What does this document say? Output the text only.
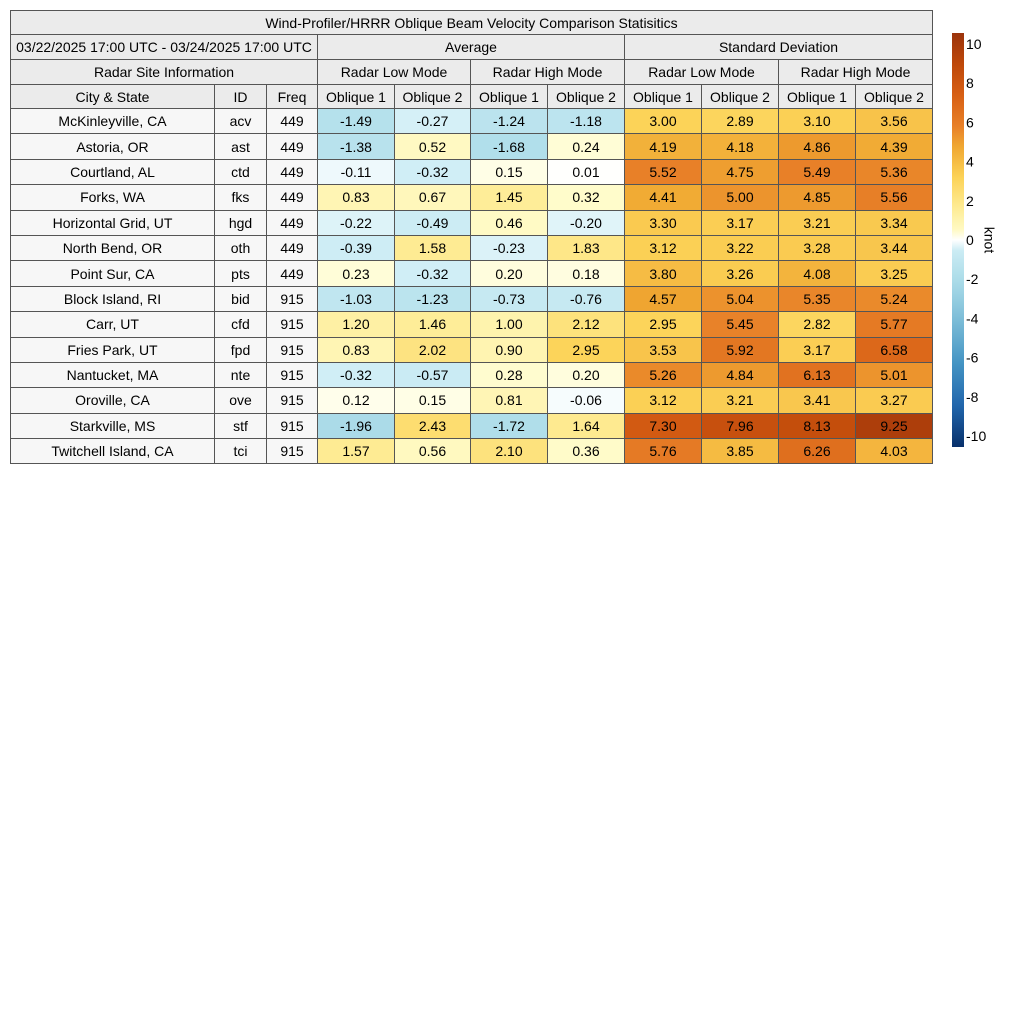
Wind-Profiler/HRRR Oblique Beam Velocity Comparison Statisitics										
03/22/2025 17:00 UTC - 03/24/2025 17:00 UTC			Average				Standard Deviation			
Radar Site Information			Radar Low Mode		Radar High Mode		Radar Low Mode		Radar High Mode	
City & State	ID	Freq	Oblique 1	Oblique 2	Oblique 1	Oblique 2	Oblique 1	Oblique 2	Oblique 1	Oblique 2
McKinleyville, CA	acv	449	-1.49	-0.27	-1.24	-1.18	3.00	2.89	3.10	3.56
Astoria, OR	ast	449	-1.38	0.52	-1.68	0.24	4.19	4.18	4.86	4.39
Courtland, AL	ctd	449	-0.11	-0.32	0.15	0.01	5.52	4.75	5.49	5.36
Forks, WA	fks	449	0.83	0.67	1.45	0.32	4.41	5.00	4.85	5.56
Horizontal Grid, UT	hgd	449	-0.22	-0.49	0.46	-0.20	3.30	3.17	3.21	3.34
North Bend, OR	oth	449	-0.39	1.58	-0.23	1.83	3.12	3.22	3.28	3.44
Point Sur, CA	pts	449	0.23	-0.32	0.20	0.18	3.80	3.26	4.08	3.25
Block Island, RI	bid	915	-1.03	-1.23	-0.73	-0.76	4.57	5.04	5.35	5.24
Carr, UT	cfd	915	1.20	1.46	1.00	2.12	2.95	5.45	2.82	5.77
Fries Park, UT	fpd	915	0.83	2.02	0.90	2.95	3.53	5.92	3.17	6.58
Nantucket, MA	nte	915	-0.32	-0.57	0.28	0.20	5.26	4.84	6.13	5.01
Oroville, CA	ove	915	0.12	0.15	0.81	-0.06	3.12	3.21	3.41	3.27
Starkville, MS	stf	915	-1.96	2.43	-1.72	1.64	7.30	7.96	8.13	9.25
Twitchell Island, CA	tci	915	1.57	0.56	2.10	0.36	5.76	3.85	6.26	4.03
10
8
6
4
2
0
-2
-4
-6
-8
-10
knot
